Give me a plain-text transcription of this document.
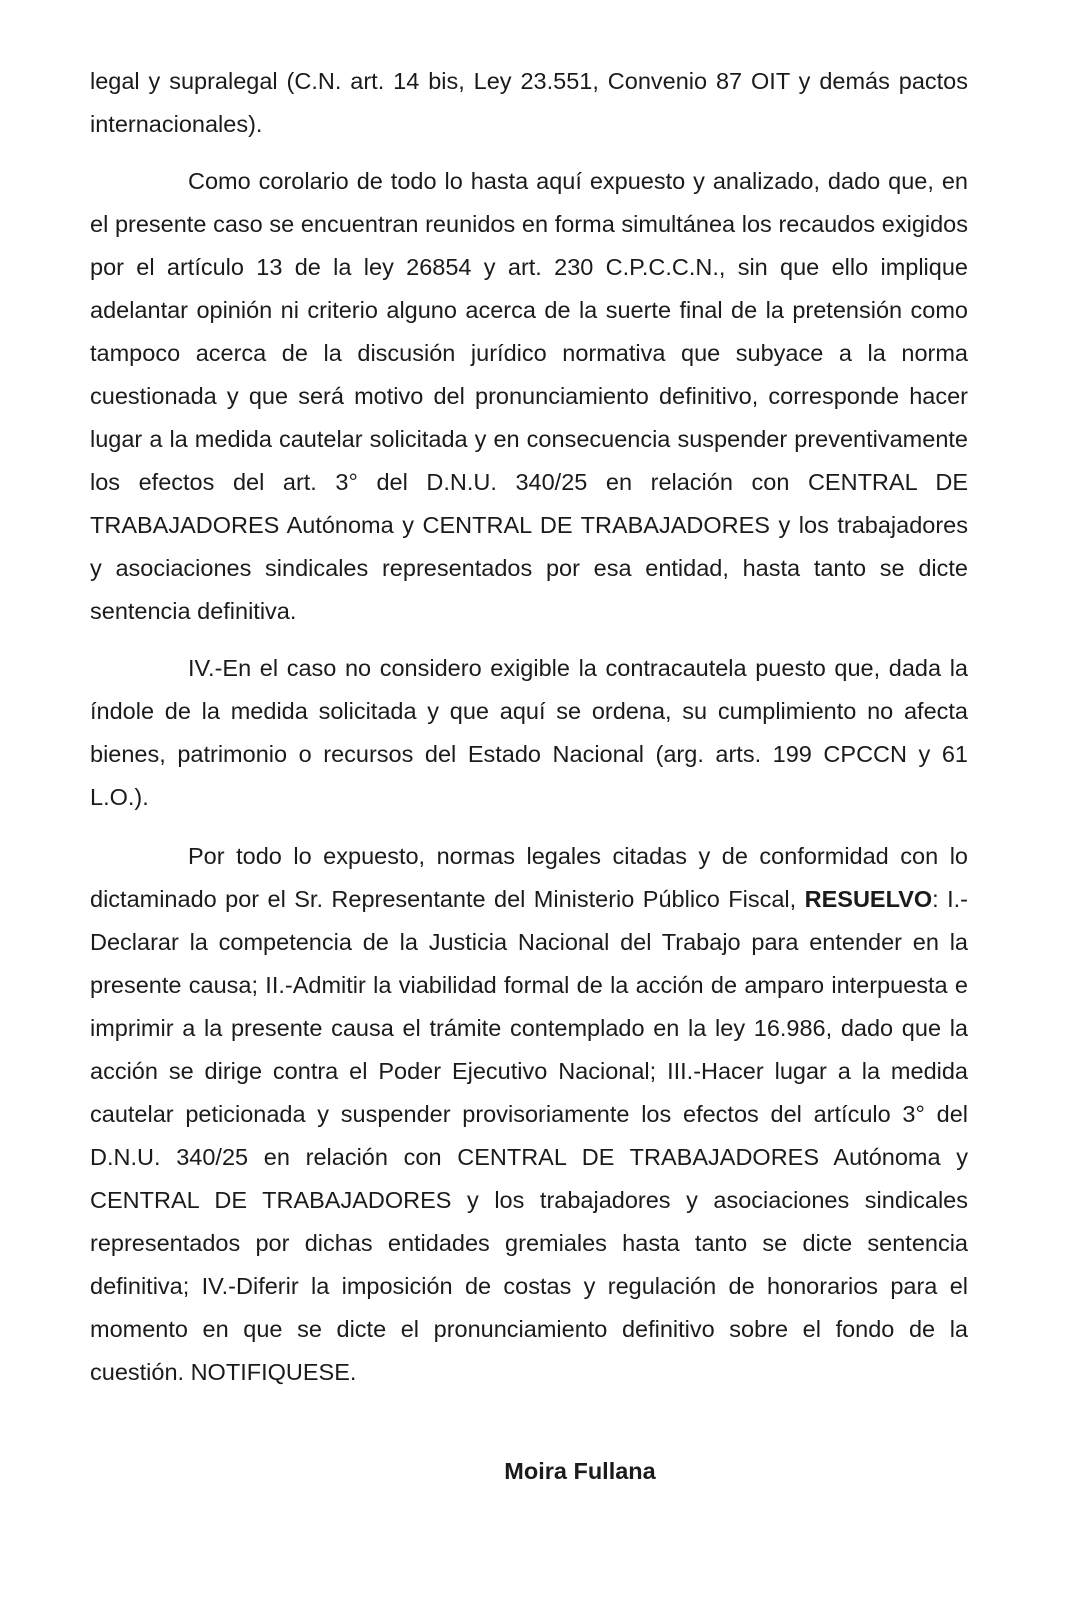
legal y supralegal (C.N. art. 14 bis, Ley 23.551, Convenio 87 OIT y demás pactos internacionales).

Como corolario de todo lo hasta aquí expuesto y analizado, dado que, en el presente caso se encuentran reunidos en forma simultánea los recaudos exigidos por el artículo 13 de la ley 26854 y art. 230 C.P.C.C.N., sin que ello implique adelantar opinión ni criterio alguno acerca de la suerte final de la pretensión como tampoco acerca de la discusión jurídico normativa que subyace a la norma cuestionada y que será motivo del pronunciamiento definitivo, corresponde hacer lugar a la medida cautelar solicitada y en consecuencia suspender preventivamente los efectos del art. 3° del D.N.U. 340/25 en relación con CENTRAL DE TRABAJADORES Autónoma y CENTRAL DE TRABAJADORES y los trabajadores y asociaciones sindicales representados por esa entidad, hasta tanto se dicte sentencia definitiva.

IV.-En el caso no considero exigible la contracautela puesto que, dada la índole de la medida solicitada y que aquí se ordena, su cumplimiento no afecta bienes, patrimonio o recursos del Estado Nacional (arg. arts. 199 CPCCN y 61 L.O.).

Por todo lo expuesto, normas legales citadas y de conformidad con lo dictaminado por el Sr. Representante del Ministerio Público Fiscal, RESUELVO: I.- Declarar la competencia de la Justicia Nacional del Trabajo para entender en la presente causa; II.-Admitir la viabilidad formal de la acción de amparo interpuesta e imprimir a la presente causa el trámite contemplado en la ley 16.986, dado que la acción se dirige contra el Poder Ejecutivo Nacional; III.-Hacer lugar a la medida cautelar peticionada y suspender provisoriamente los efectos del artículo 3° del D.N.U. 340/25 en relación con CENTRAL DE TRABAJADORES Autónoma y CENTRAL DE TRABAJADORES y los trabajadores y asociaciones sindicales representados por dichas entidades gremiales hasta tanto se dicte sentencia definitiva; IV.-Diferir la imposición de costas y regulación de honorarios para el momento en que se dicte el pronunciamiento definitivo sobre el fondo de la cuestión. NOTIFIQUESE.

Moira Fullana
